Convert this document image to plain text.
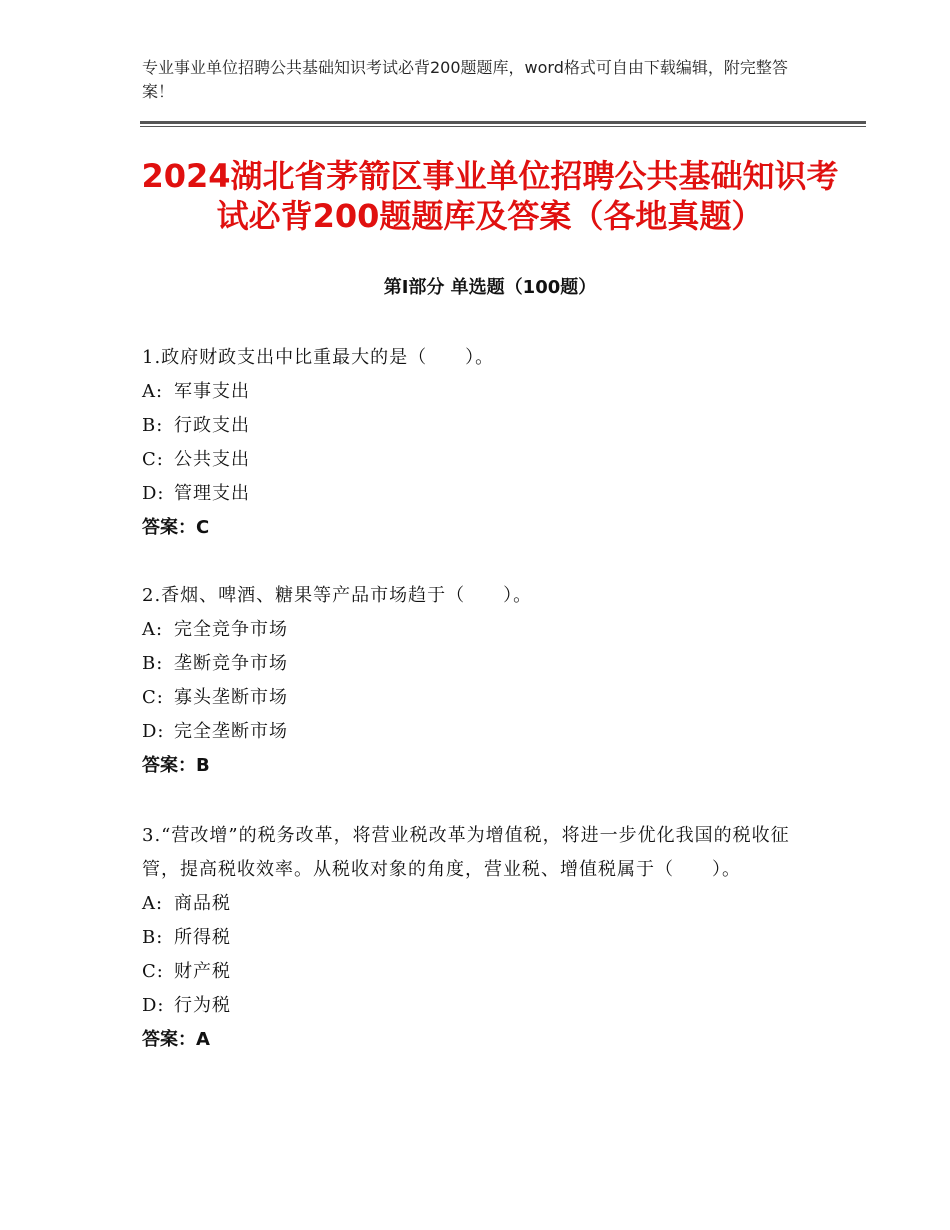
专业事业单位招聘公共基础知识考试必背200题题库，word格式可自由下载编辑，附完整答案！
2024湖北省茅箭区事业单位招聘公共基础知识考试必背200题题库及答案（各地真题）
第Ⅰ部分 单选题（100题）

1.政府财政支出中比重最大的是（　　）。

A: 军事支出

B: 行政支出

C: 公共支出

D: 管理支出

答案：C

2.香烟、啤酒、糖果等产品市场趋于（　　）。

A: 完全竞争市场

B: 垄断竞争市场

C: 寡头垄断市场

D: 完全垄断市场

答案：B

3.“营改增”的税务改革，将营业税改革为增值税，将进一步优化我国的税收征管，提高税收效率。从税收对象的角度，营业税、增值税属于（　　）。

A: 商品税

B: 所得税

C: 财产税

D: 行为税

答案：A
